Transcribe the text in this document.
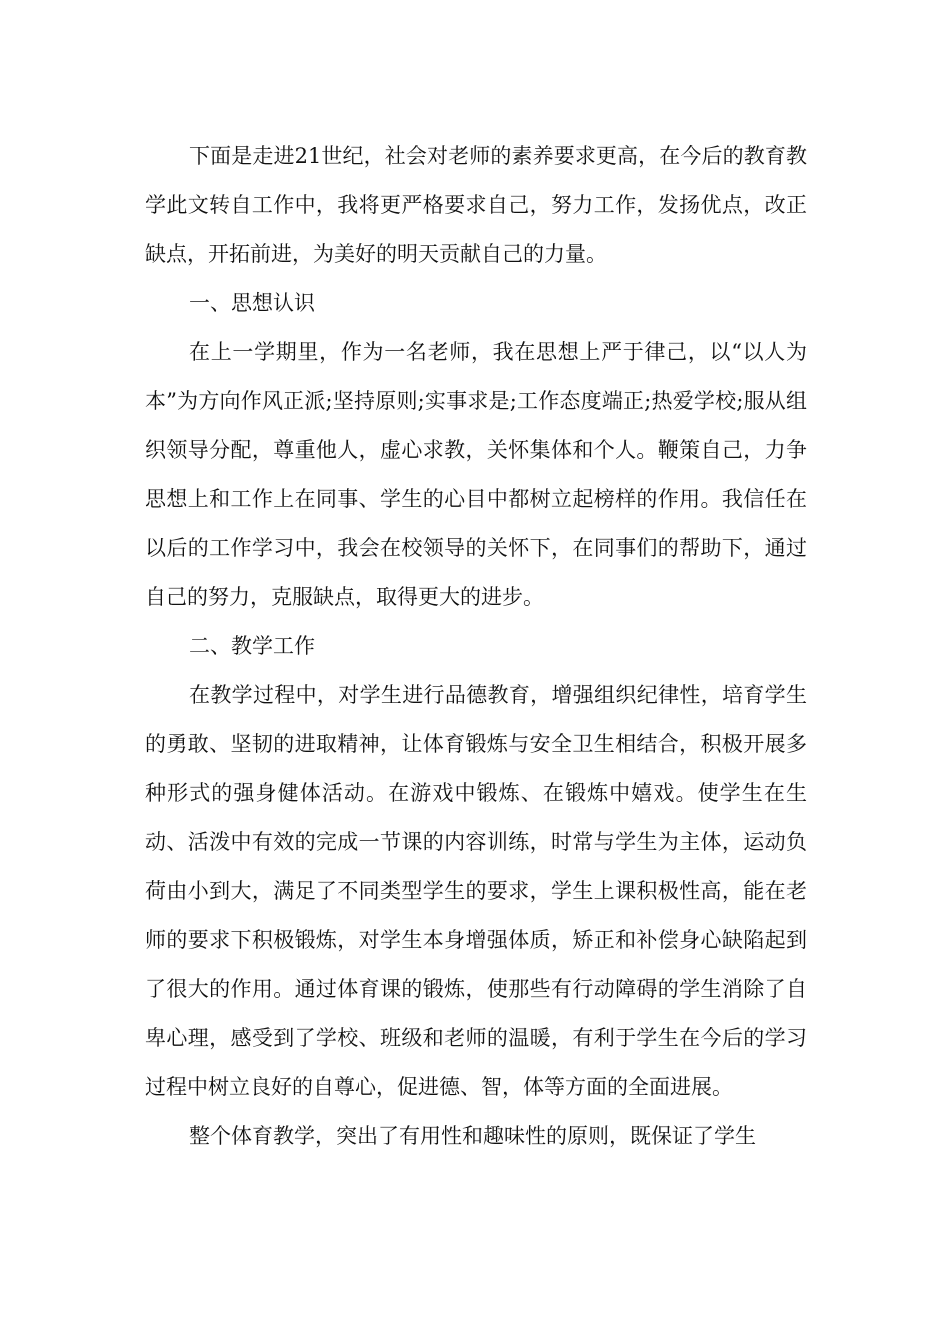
下面是走进21世纪，社会对老师的素养要求更高，在今后的教育教学此文转自工作中，我将更严格要求自己，努力工作，发扬优点，改正缺点，开拓前进，为美好的明天贡献自己的力量。

一、思想认识

在上一学期里，作为一名老师，我在思想上严于律己，以“以人为本”为方向作风正派;坚持原则;实事求是;工作态度端正;热爱学校;服从组织领导分配，尊重他人，虚心求教，关怀集体和个人。鞭策自己，力争思想上和工作上在同事、学生的心目中都树立起榜样的作用。我信任在以后的工作学习中，我会在校领导的关怀下，在同事们的帮助下，通过自己的努力，克服缺点，取得更大的进步。

二、教学工作

在教学过程中，对学生进行品德教育，增强组织纪律性，培育学生的勇敢、坚韧的进取精神，让体育锻炼与安全卫生相结合，积极开展多种形式的强身健体活动。在游戏中锻炼、在锻炼中嬉戏。使学生在生动、活泼中有效的完成一节课的内容训练，时常与学生为主体，运动负荷由小到大，满足了不同类型学生的要求，学生上课积极性高，能在老师的要求下积极锻炼，对学生本身增强体质，矫正和补偿身心缺陷起到了很大的作用。通过体育课的锻炼，使那些有行动障碍的学生消除了自卑心理，感受到了学校、班级和老师的温暖，有利于学生在今后的学习过程中树立良好的自尊心，促进德、智，体等方面的全面进展。

整个体育教学，突出了有用性和趣味性的原则，既保证了学生
